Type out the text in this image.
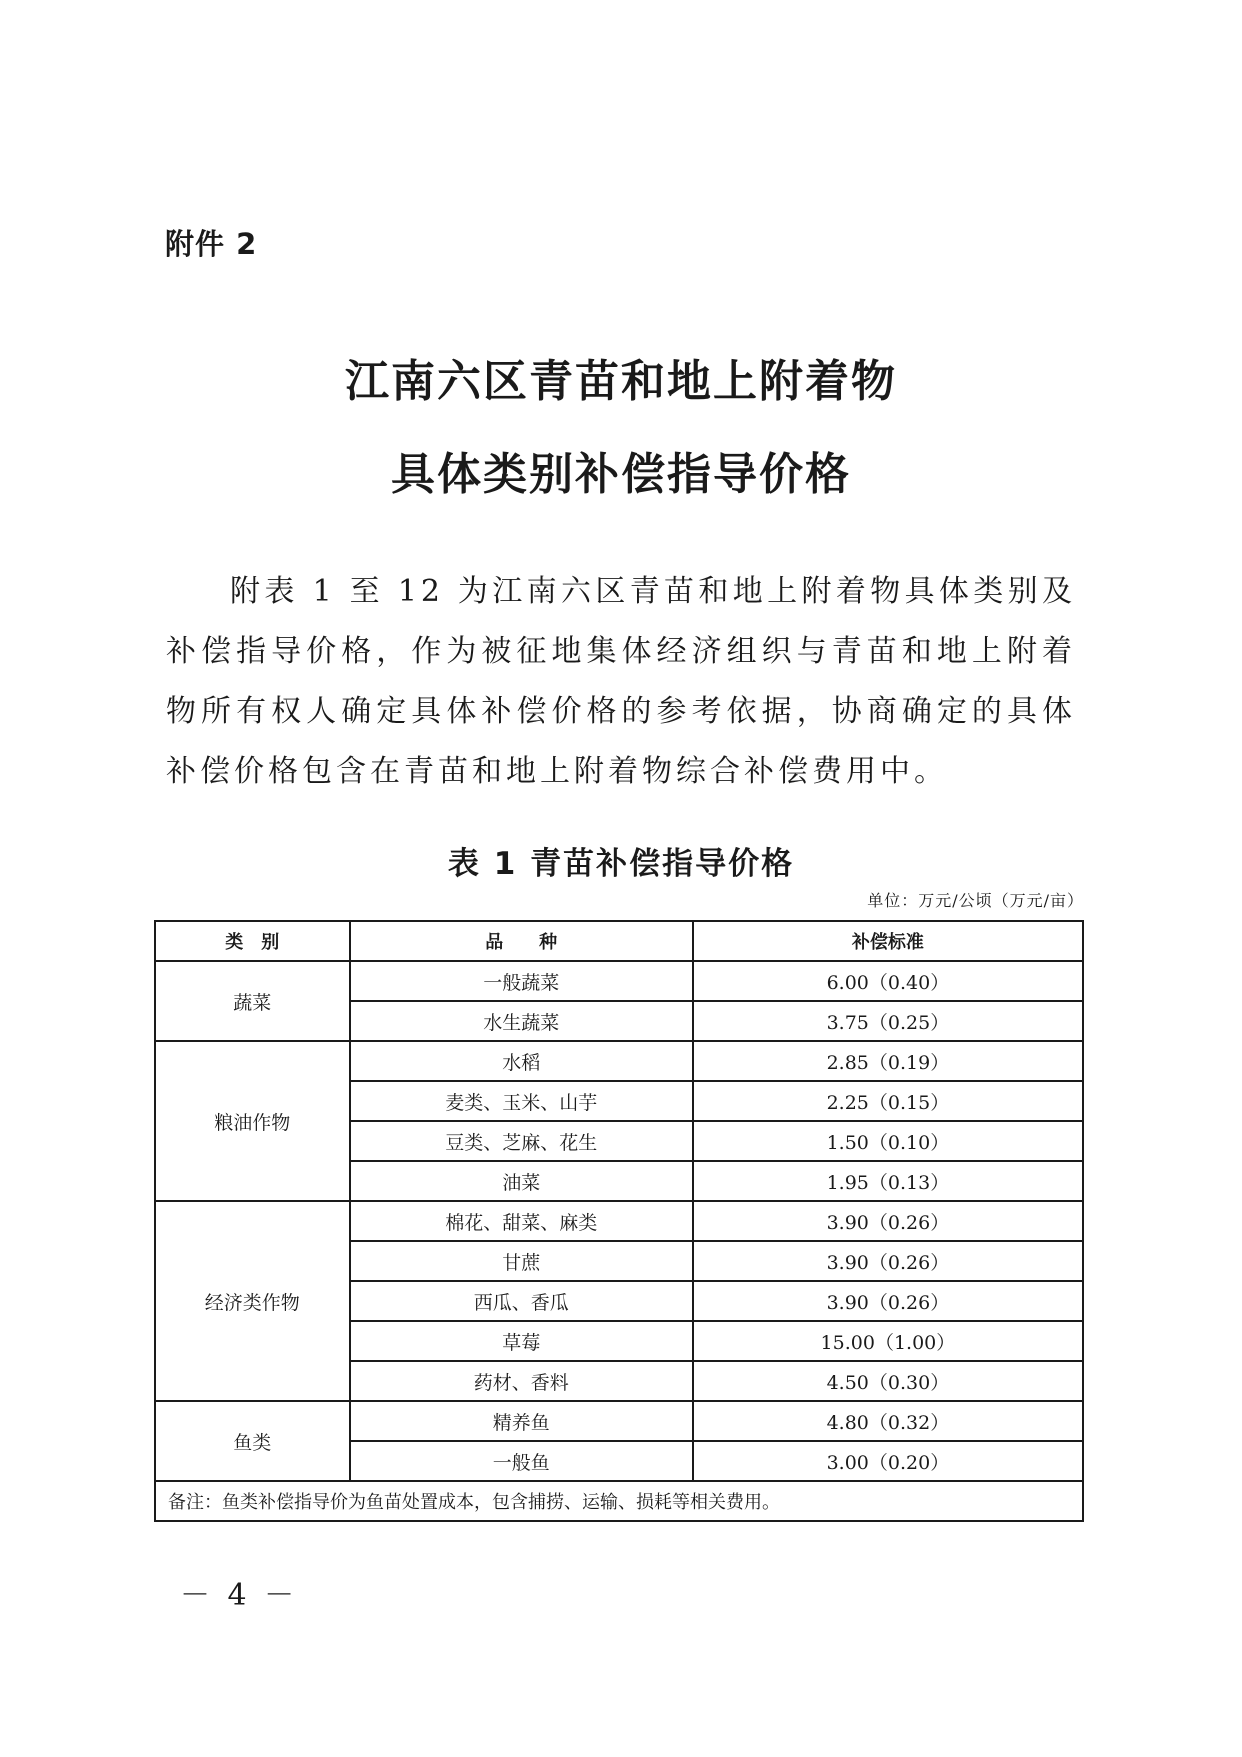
附件 2
江南六区青苗和地上附着物
具体类别补偿指导价格

附表 1 至 12 为江南六区青苗和地上附着物具体类别及补偿指导价格，作为被征地集体经济组织与青苗和地上附着物所有权人确定具体补偿价格的参考依据，协商确定的具体补偿价格包含在青苗和地上附着物综合补偿费用中。

表 1 青苗补偿指导价格
单位：万元/公顷（万元/亩）
类　别	品　　种	补偿标准
蔬菜	一般蔬菜	6.00（0.40）
	水生蔬菜	3.75（0.25）
粮油作物	水稻	2.85（0.19）
	麦类、玉米、山芋	2.25（0.15）
	豆类、芝麻、花生	1.50（0.10）
	油菜	1.95（0.13）
经济类作物	棉花、甜菜、麻类	3.90（0.26）
	甘蔗	3.90（0.26）
	西瓜、香瓜	3.90（0.26）
	草莓	15.00（1.00）
	药材、香料	4.50（0.30）
鱼类	精养鱼	4.80（0.32）
	一般鱼	3.00（0.20）
备注：鱼类补偿指导价为鱼苗处置成本，包含捕捞、运输、损耗等相关费用。		
－ 4 －
